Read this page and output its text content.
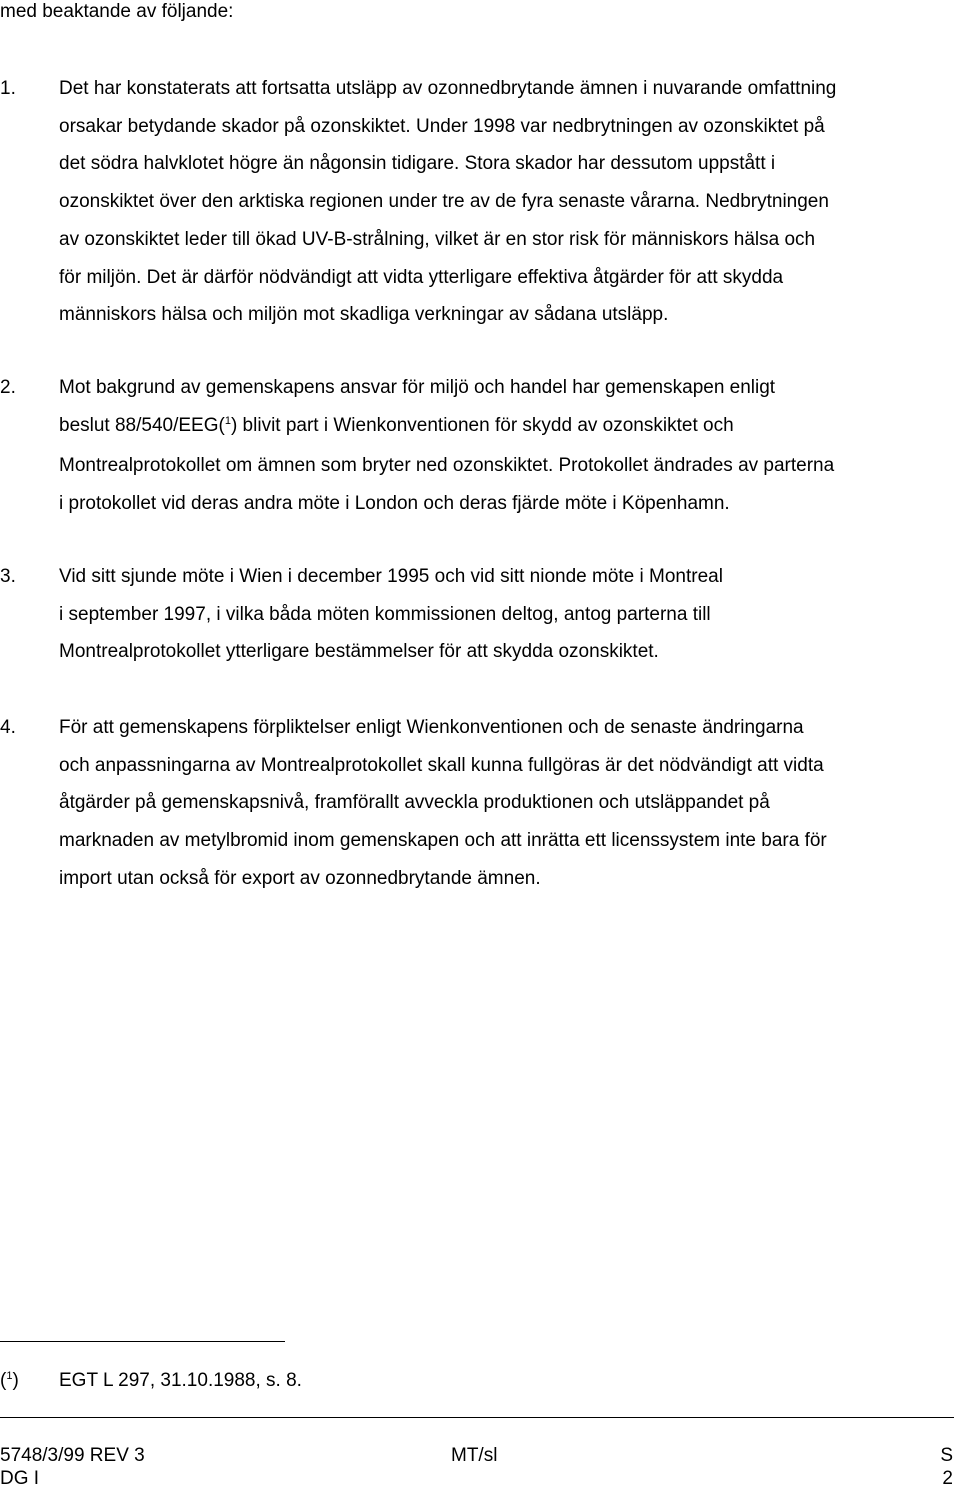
med beaktande av följande:
1. Det har konstaterats att fortsatta utsläpp av ozonnedbrytande ämnen i nuvarande omfattning
orsakar betydande skador på ozonskiktet. Under 1998 var nedbrytningen av ozonskiktet på
det södra halvklotet högre än någonsin tidigare. Stora skador har dessutom uppstått i
ozonskiktet över den arktiska regionen under tre av de fyra senaste vårarna. Nedbrytningen
av ozonskiktet leder till ökad UV-B-strålning, vilket är en stor risk för människors hälsa och
för miljön. Det är därför nödvändigt att vidta ytterligare effektiva åtgärder för att skydda
människors hälsa och miljön mot skadliga verkningar av sådana utsläpp.
2. Mot bakgrund av gemenskapens ansvar för miljö och handel har gemenskapen enligt
beslut 88/540/EEG($^1$) blivit part i Wienkonventionen för skydd av ozonskiktet och
Montrealprotokollet om ämnen som bryter ned ozonskiktet. Protokollet ändrades av parterna
i protokollet vid deras andra möte i London och deras fjärde möte i Köpenhamn.
3. Vid sitt sjunde möte i Wien i december 1995 och vid sitt nionde möte i Montreal
i september 1997, i vilka båda möten kommissionen deltog, antog parterna till
Montrealprotokollet ytterligare bestämmelser för att skydda ozonskiktet.
4. För att gemenskapens förpliktelser enligt Wienkonventionen och de senaste ändringarna
och anpassningarna av Montrealprotokollet skall kunna fullgöras är det nödvändigt att vidta
åtgärder på gemenskapsnivå, framförallt avveckla produktionen och utsläppandet på
marknaden av metylbromid inom gemenskapen och att inrätta ett licenssystem inte bara för
import utan också för export av ozonnedbrytande ämnen.
($^1$) EGT L 297, 31.10.1988, s. 8.
5748/3/99 REV 3	MT/sl	S
DG I	2
